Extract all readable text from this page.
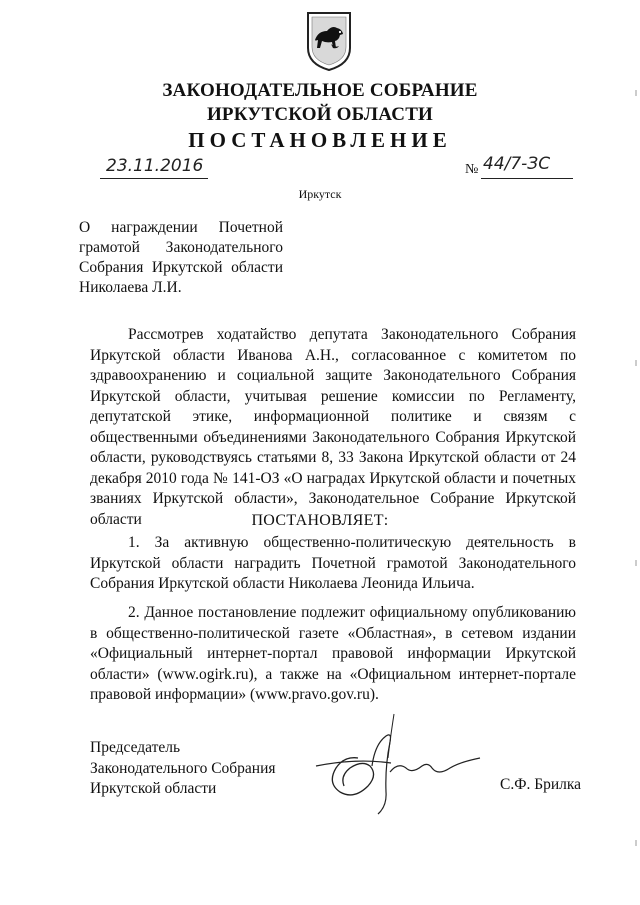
ЗАКОНОДАТЕЛЬНОЕ СОБРАНИЕ
ИРКУТСКОЙ ОБЛАСТИ
ПОСТАНОВЛЕНИЕ
23.11.2016	№ 44/7-ЗС
Иркутск
О награждении Почетной
грамотой Законодательного
Собрания Иркутской области
Николаева Л.И.

Рассмотрев ходатайство депутата Законодательного Собрания Иркутской области Иванова А.Н., согласованное с комитетом по здравоохранению и социальной защите Законодательного Собрания Иркутской области, учитывая решение комиссии по Регламенту, депутатской этике, информационной политике и связям с общественными объединениями Законодательного Собрания Иркутской области, руководствуясь статьями 8, 33 Закона Иркутской области от 24 декабря 2010 года № 141-ОЗ «О наградах Иркутской области и почетных званиях Иркутской области», Законодательное Собрание Иркутской области	ПОСТАНОВЛЯЕТ:

1. За активную общественно-политическую деятельность в Иркутской области наградить Почетной грамотой Законодательного Собрания Иркутской области Николаева Леонида Ильича.

2. Данное постановление подлежит официальному опубликованию в общественно-политической газете «Областная», в сетевом издании «Официальный интернет-портал правовой информации Иркутской области» (www.ogirk.ru), а также на «Официальном интернет-портале правовой информации» (www.pravo.gov.ru).

Председатель
Законодательного Собрания
Иркутской области	С.Ф. Брилка
